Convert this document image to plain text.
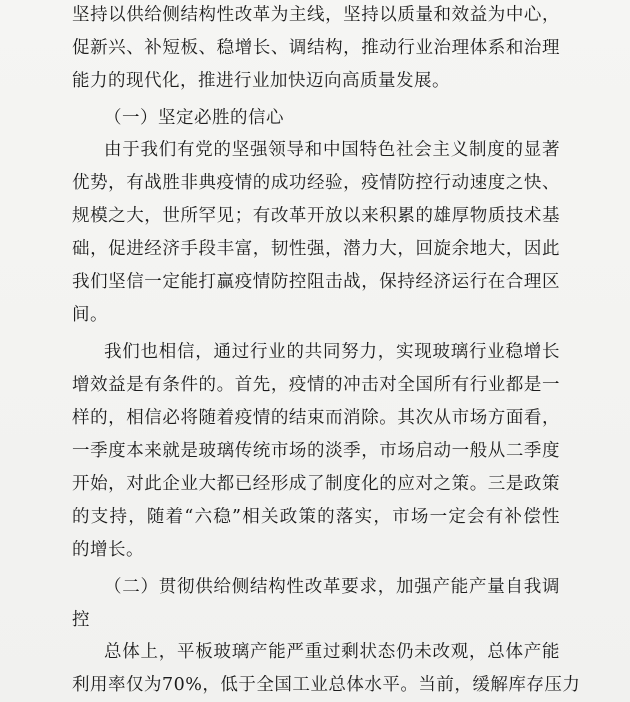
坚持以供给侧结构性改革为主线，坚持以质量和效益为中心，
促新兴、补短板、稳增长、调结构，推动行业治理体系和治理
能力的现代化，推进行业加快迈向高质量发展。
（一）坚定必胜的信心
由于我们有党的坚强领导和中国特色社会主义制度的显著
优势，有战胜非典疫情的成功经验，疫情防控行动速度之快、
规模之大，世所罕见；有改革开放以来积累的雄厚物质技术基
础，促进经济手段丰富，韧性强，潜力大，回旋余地大，因此
我们坚信一定能打赢疫情防控阻击战，保持经济运行在合理区
间。
我们也相信，通过行业的共同努力，实现玻璃行业稳增长
增效益是有条件的。首先，疫情的冲击对全国所有行业都是一
样的，相信必将随着疫情的结束而消除。其次从市场方面看，
一季度本来就是玻璃传统市场的淡季，市场启动一般从二季度
开始，对此企业大都已经形成了制度化的应对之策。三是政策
的支持，随着“六稳”相关政策的落实，市场一定会有补偿性
的增长。
（二）贯彻供给侧结构性改革要求，加强产能产量自我调
控
总体上，平板玻璃产能严重过剩状态仍未改观，总体产能
利用率仅为70%，低于全国工业总体水平。当前，缓解库存压力
